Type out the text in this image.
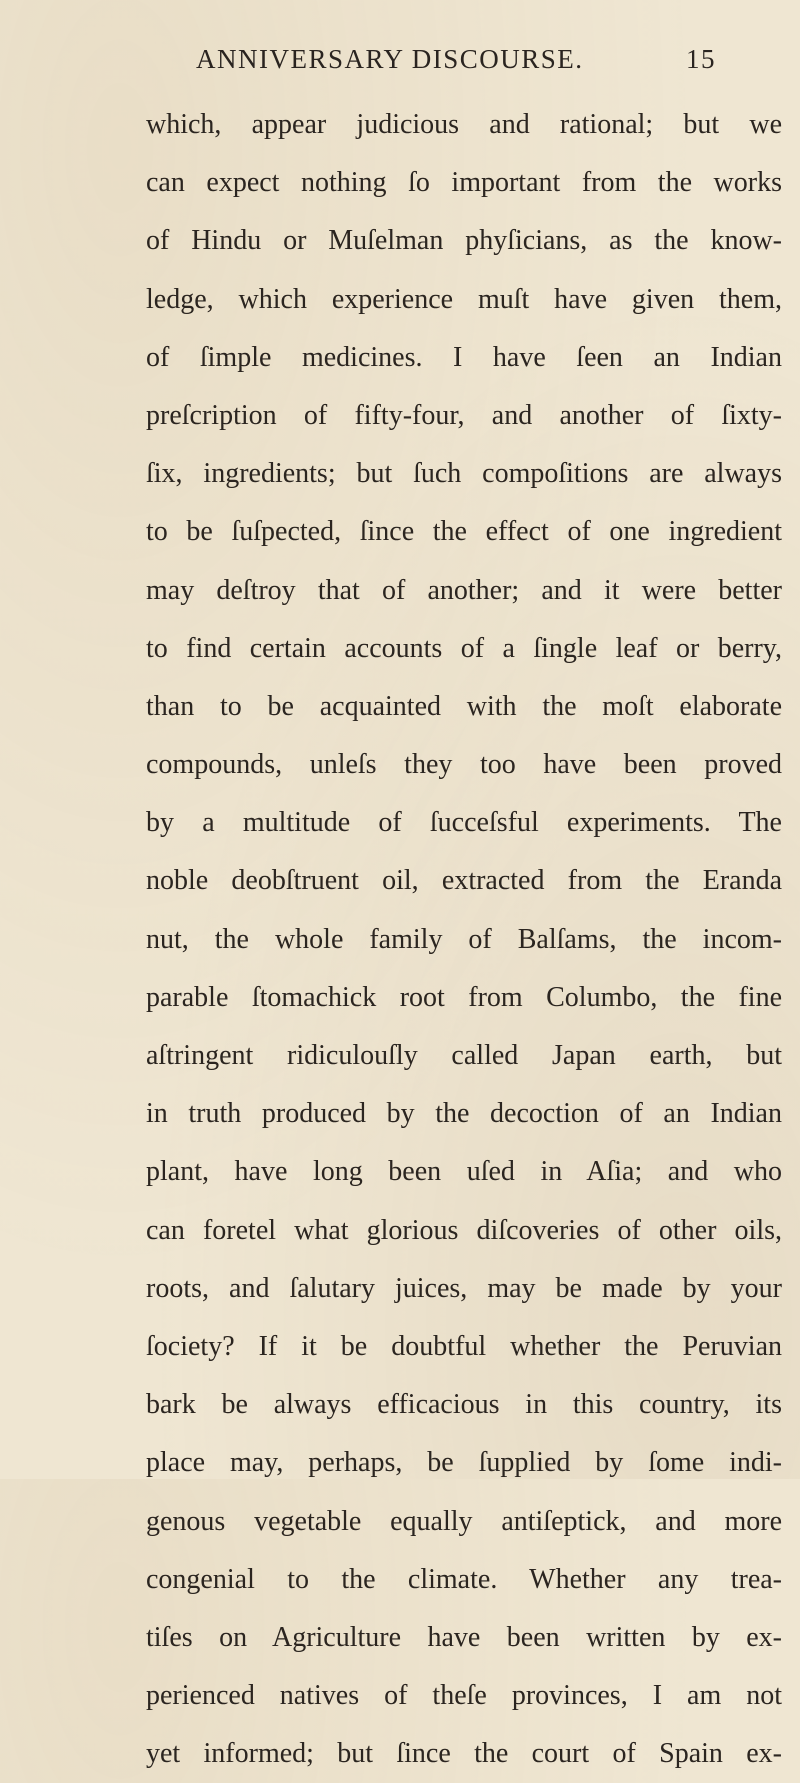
ANNIVERSARY DISCOURSE.	15
which, appear judicious and rational; but we
can expect nothing ſo important from the works
of Hindu or Muſelman phyſicians, as the know-
ledge, which experience muſt have given them,
of ſimple medicines. I have ſeen an Indian
preſcription of fifty-four, and another of ſixty-
ſix, ingredients; but ſuch compoſitions are always
to be ſuſpected, ſince the effect of one ingredient
may deſtroy that of another; and it were better
to find certain accounts of a ſingle leaf or berry,
than to be acquainted with the moſt elaborate
compounds, unleſs they too have been proved
by a multitude of ſucceſsful experiments. The
noble deobſtruent oil, extracted from the Eranda
nut, the whole family of Balſams, the incom-
parable ſtomachick root from Columbo, the fine
aſtringent ridiculouſly called Japan earth, but
in truth produced by the decoction of an Indian
plant, have long been uſed in Aſia; and who
can foretel what glorious diſcoveries of other oils,
roots, and ſalutary juices, may be made by your
ſociety? If it be doubtful whether the Peruvian
bark be always efficacious in this country, its
place may, perhaps, be ſupplied by ſome indi-
genous vegetable equally antiſeptick, and more
congenial to the climate. Whether any trea-
tiſes on Agriculture have been written by ex-
perienced natives of theſe provinces, I am not
yet informed; but ſince the court of Spain ex-
